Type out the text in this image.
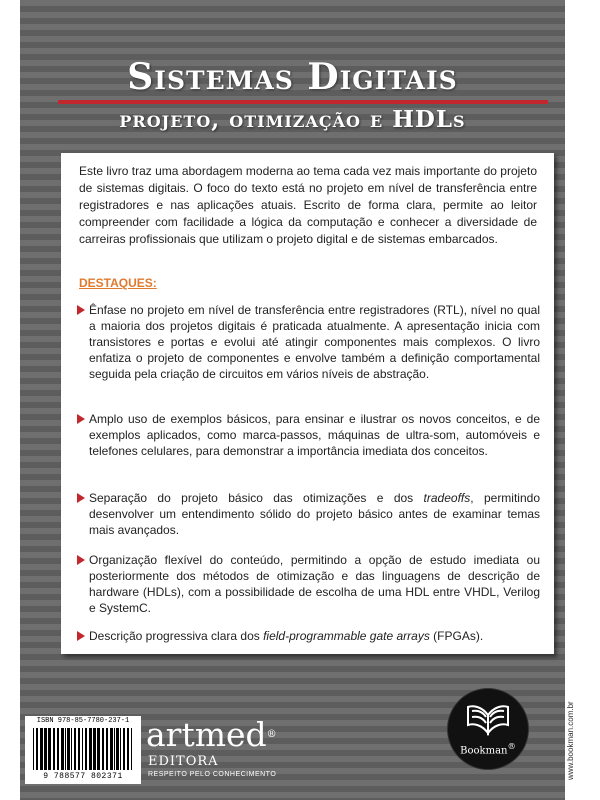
Sistemas Digitais
projeto, otimização e HDLs

Este livro traz uma abordagem moderna ao tema cada vez mais importante do projeto de sistemas digitais. O foco do texto está no projeto em nível de transferência entre registradores e nas aplicações atuais. Escrito de forma clara, permite ao leitor compreender com facilidade a lógica da computação e conhecer a diversidade de carreiras profissionais que utilizam o projeto digital e de sistemas embarcados.

DESTAQUES:

Ênfase no projeto em nível de transferência entre registradores (RTL), nível no qual a maioria dos projetos digitais é praticada atualmente. A apresentação inicia com transistores e portas e evolui até atingir componentes mais complexos. O livro enfatiza o projeto de componentes e envolve também a definição comportamental seguida pela criação de circuitos em vários níveis de abstração.
Amplo uso de exemplos básicos, para ensinar e ilustrar os novos conceitos, e de exemplos aplicados, como marca-passos, máquinas de ultra-som, automóveis e telefones celulares, para demonstrar a importância imediata dos conceitos.
Separação do projeto básico das otimizações e dos tradeoffs, permitindo desenvolver um entendimento sólido do projeto básico antes de examinar temas mais avançados.
Organização flexível do conteúdo, permitindo a opção de estudo imediata ou posteriormente dos métodos de otimização e das linguagens de descrição de hardware (HDLs), com a possibilidade de escolha de uma HDL entre VHDL, Verilog e SystemC.
Descrição progressiva clara dos field-programmable gate arrays (FPGAs).
ISBN 978-85-7780-237-1
9 788577 802371
artmed®
EDITORA
RESPEITO PELO CONHECIMENTO
Bookman®	www.bookman.com.br
